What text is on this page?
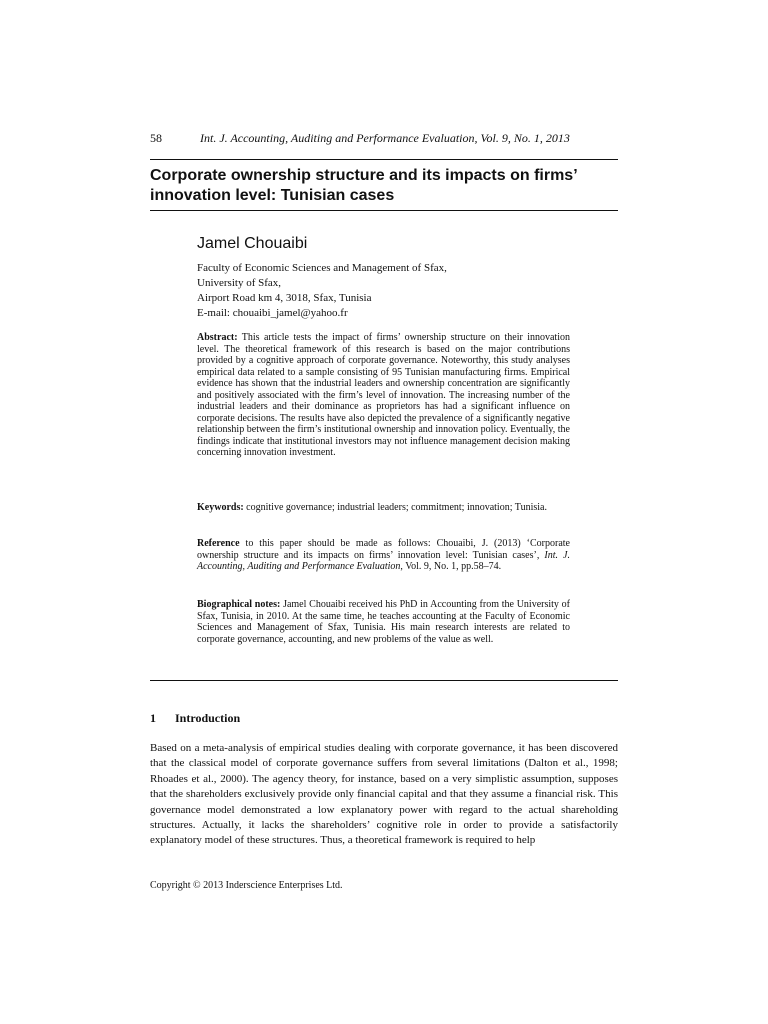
58	Int. J. Accounting, Auditing and Performance Evaluation, Vol. 9, No. 1, 2013
Corporate ownership structure and its impacts on firms’ innovation level: Tunisian cases
Jamel Chouaibi
Faculty of Economic Sciences and Management of Sfax,
University of Sfax,
Airport Road km 4, 3018, Sfax, Tunisia
E-mail: chouaibi_jamel@yahoo.fr

Abstract: This article tests the impact of firms’ ownership structure on their innovation level. The theoretical framework of this research is based on the major contributions provided by a cognitive approach of corporate governance. Noteworthy, this study analyses empirical data related to a sample consisting of 95 Tunisian manufacturing firms. Empirical evidence has shown that the industrial leaders and ownership concentration are significantly and positively associated with the firm’s level of innovation. The increasing number of the industrial leaders and their dominance as proprietors has had a significant influence on corporate decisions. The results have also depicted the prevalence of a significantly negative relationship between the firm’s institutional ownership and innovation policy. Eventually, the findings indicate that institutional investors may not influence management decision making concerning innovation investment.

Keywords: cognitive governance; industrial leaders; commitment; innovation; Tunisia.

Reference to this paper should be made as follows: Chouaibi, J. (2013) ‘Corporate ownership structure and its impacts on firms’ innovation level: Tunisian cases’, Int. J. Accounting, Auditing and Performance Evaluation, Vol. 9, No. 1, pp.58–74.

Biographical notes: Jamel Chouaibi received his PhD in Accounting from the University of Sfax, Tunisia, in 2010. At the same time, he teaches accounting at the Faculty of Economic Sciences and Management of Sfax, Tunisia. His main research interests are related to corporate governance, accounting, and new problems of the value as well.

1 Introduction

Based on a meta-analysis of empirical studies dealing with corporate governance, it has been discovered that the classical model of corporate governance suffers from several limitations (Dalton et al., 1998; Rhoades et al., 2000). The agency theory, for instance, based on a very simplistic assumption, supposes that the shareholders exclusively provide only financial capital and that they assume a financial risk. This governance model demonstrated a low explanatory power with regard to the actual shareholding structures. Actually, it lacks the shareholders’ cognitive role in order to provide a satisfactorily explanatory model of these structures. Thus, a theoretical framework is required to help

Copyright © 2013 Inderscience Enterprises Ltd.
